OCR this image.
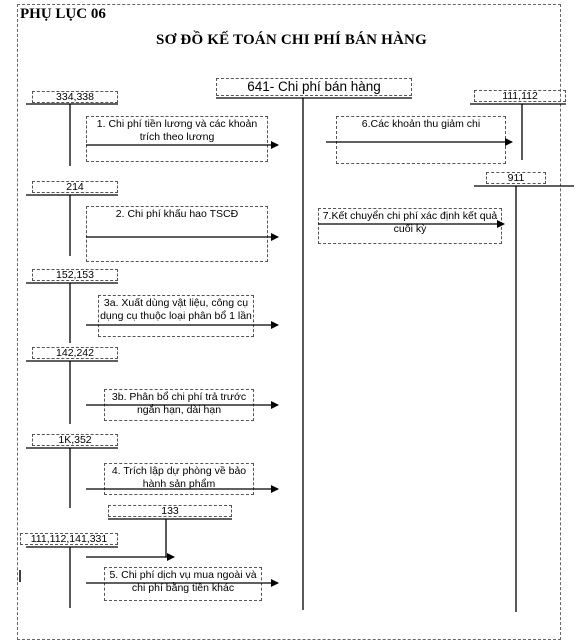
PHỤ LỤC 06
SƠ ĐỒ KẾ TOÁN CHI PHÍ BÁN HÀNG
641- Chi phí bán hàng
334,338
214
152,153
142,242
1K,352
133
111,112,141,331
111,112
911
1. Chi phí tiền lương và các khoản trích theo lương
2. Chi phí khấu hao TSCĐ
3a. Xuất dùng vật liệu, công cụ dụng cụ thuộc loại phân bổ 1 lần
3b. Phân bổ chi phí trả trước ngắn hạn, dài hạn
4. Trích lập dự phòng về bảo hành sản phẩm
5. Chi phí dịch vụ mua ngoài và chi phí bằng tiền khác
6.Các khoản thu giảm chi
7.Kết chuyển chi phí xác định kết quả cuối kỳ
